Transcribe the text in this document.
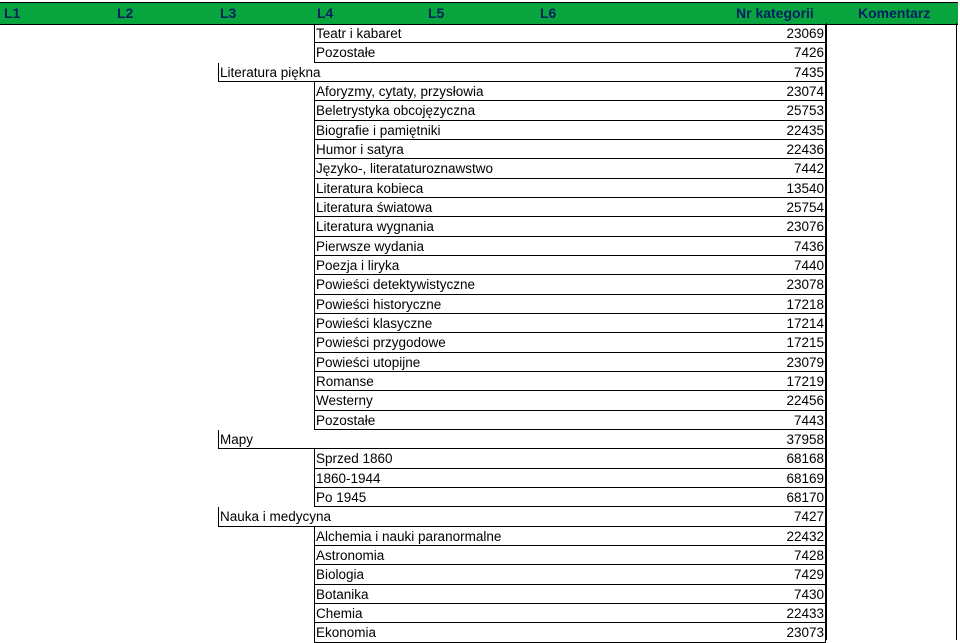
L1	L2	L3	L4	L5	L6	Nr kategorii	Komentarz
Teatr i kabaret	23069
Pozostałe	7426
Literatura piękna	7435
Aforyzmy, cytaty, przysłowia	23074
Beletrystyka obcojęzyczna	25753
Biografie i pamiętniki	22435
Humor i satyra	22436
Języko-, literataturoznawstwo	7442
Literatura kobieca	13540
Literatura światowa	25754
Literatura wygnania	23076
Pierwsze wydania	7436
Poezja i liryka	7440
Powieści detektywistyczne	23078
Powieści historyczne	17218
Powieści klasyczne	17214
Powieści przygodowe	17215
Powieści utopijne	23079
Romanse	17219
Westerny	22456
Pozostałe	7443
Mapy	37958
Sprzed 1860	68168
1860-1944	68169
Po 1945	68170
Nauka i medycyna	7427
Alchemia i nauki paranormalne	22432
Astronomia	7428
Biologia	7429
Botanika	7430
Chemia	22433
Ekonomia	23073
